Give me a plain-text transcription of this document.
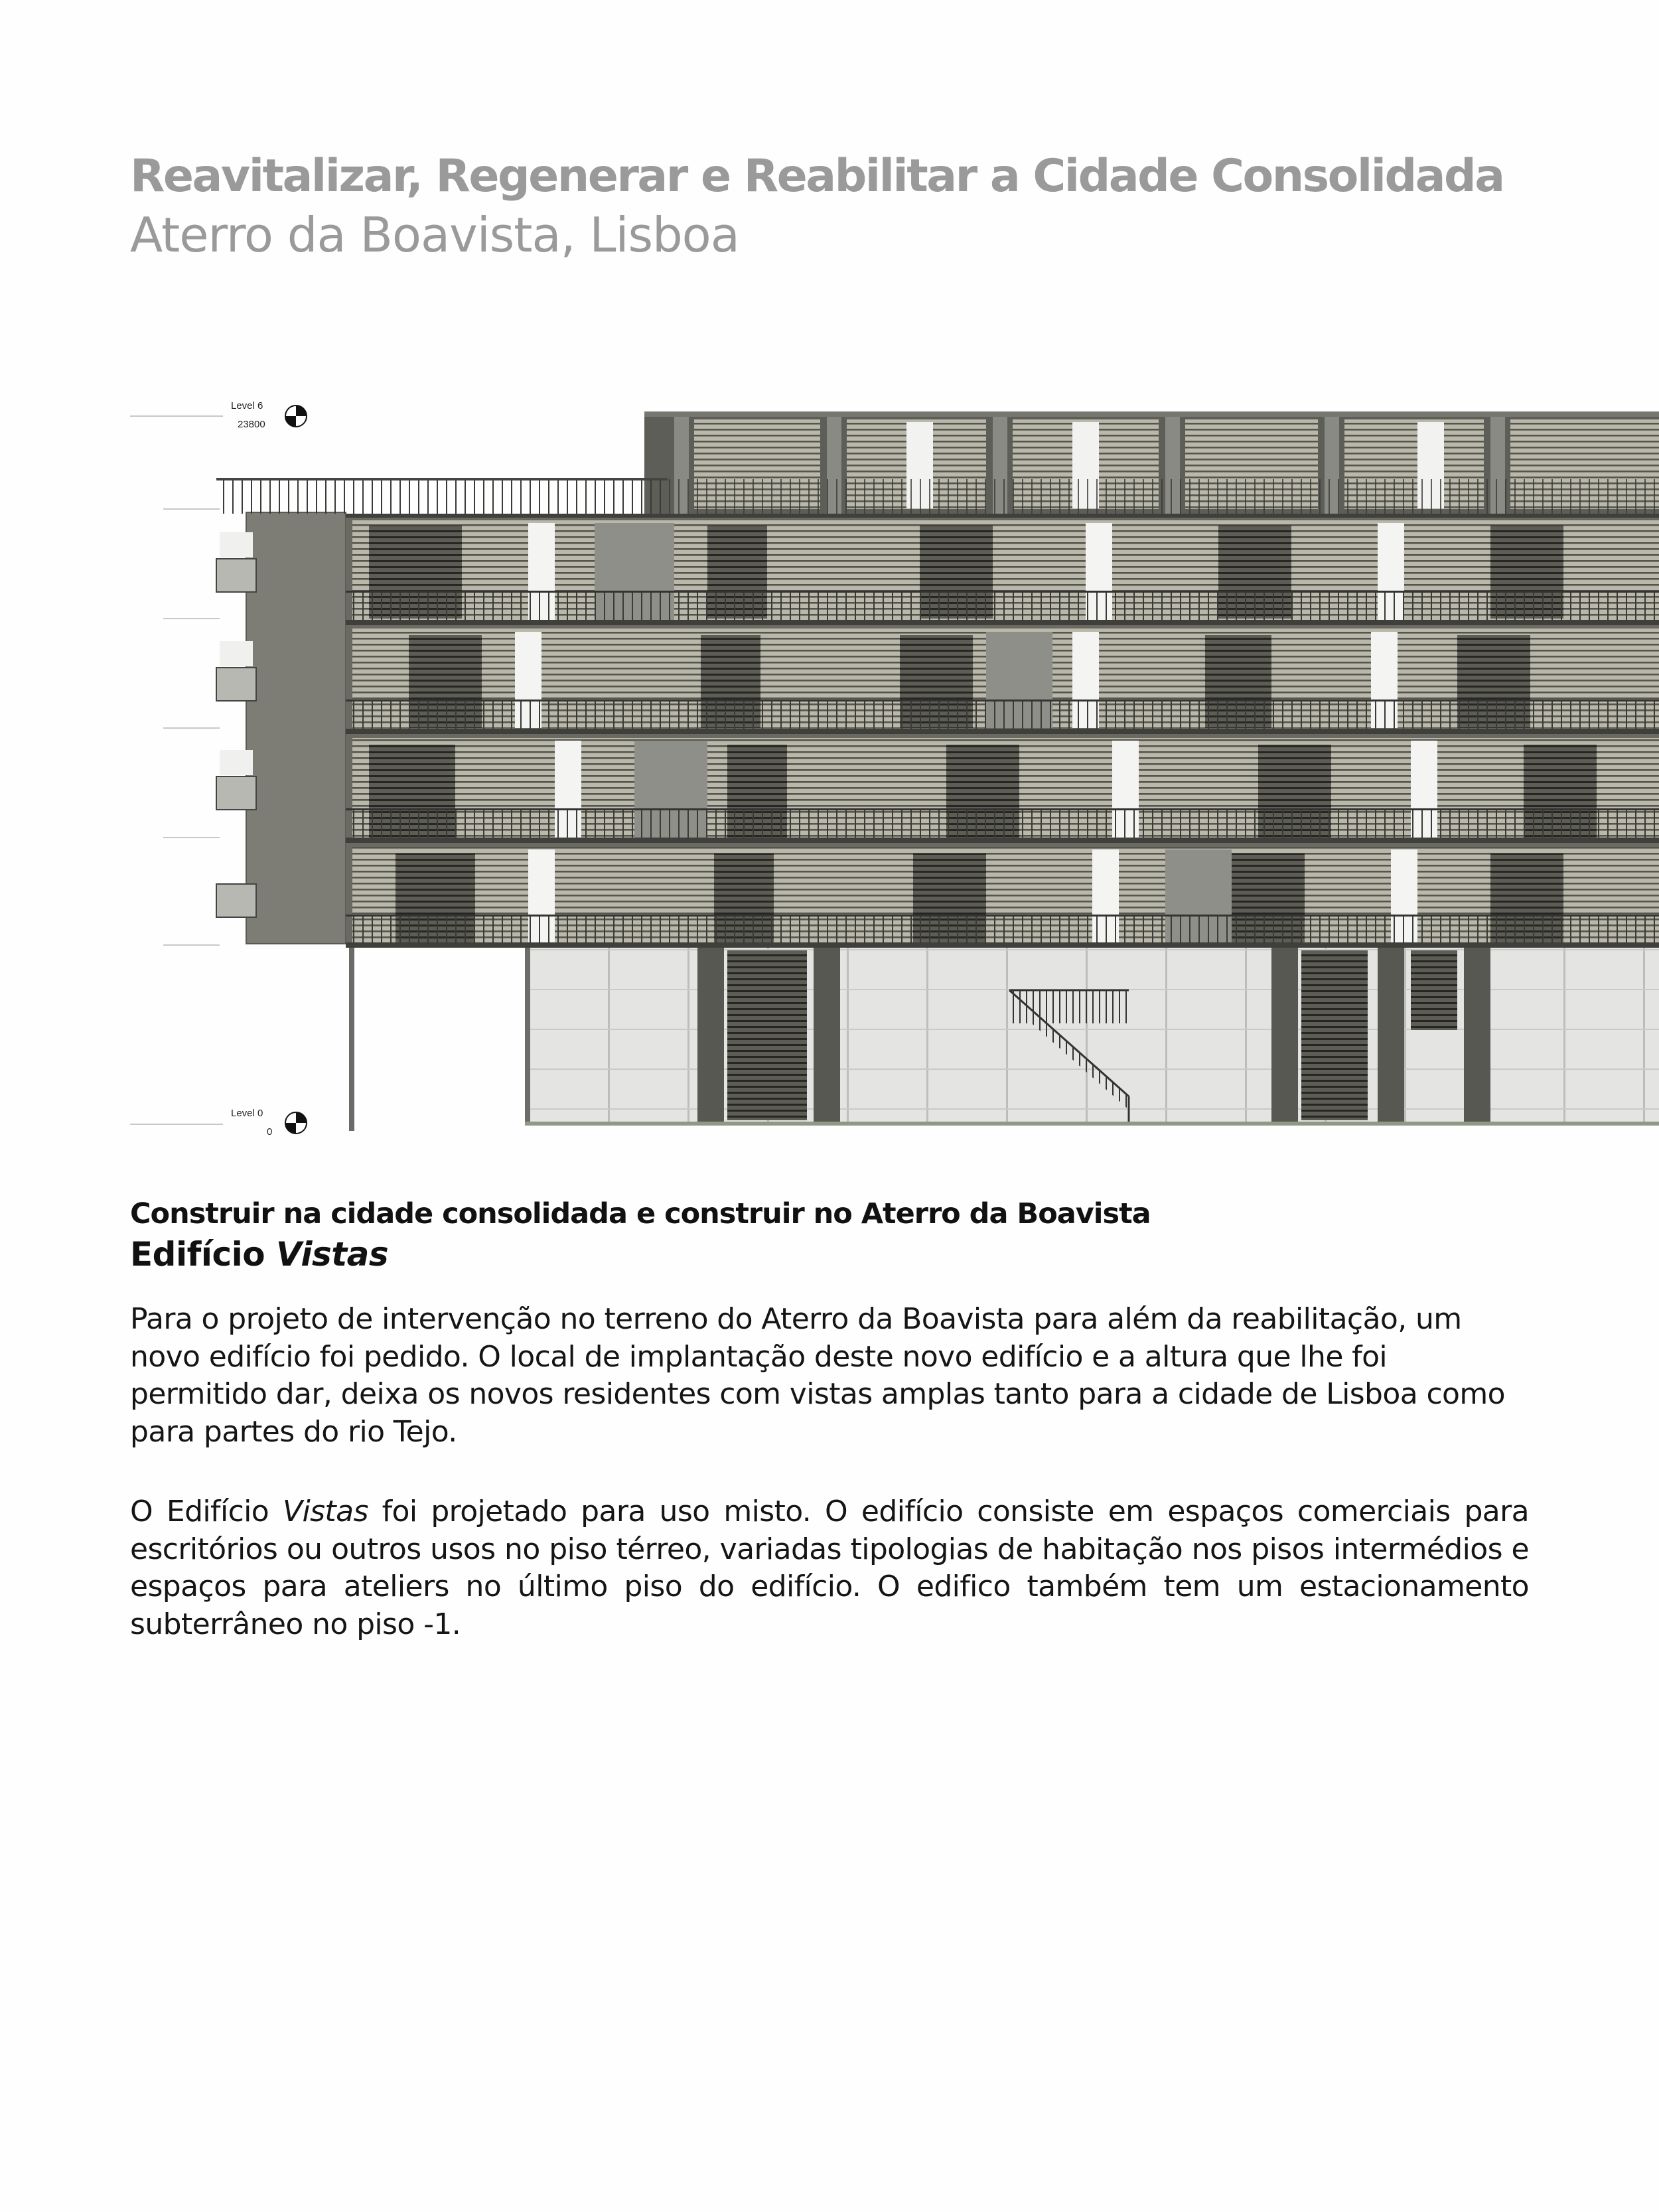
Reavitalizar, Regenerar e Reabilitar a Cidade Consolidada
Aterro da Boavista, Lisboa
Level 6
23800
Level 0
0
Construir na cidade consolidada e construir no Aterro da Boavista
Edifício Vistas

Para o projeto de intervenção no terreno do Aterro da Boavista para além da reabilitação, um novo edifício foi pedido. O local de implantação deste novo edifício e a altura que lhe foi permitido dar, deixa os novos residentes com vistas amplas tanto para a cidade de Lisboa como para partes do rio Tejo.

O Edifício Vistas foi projetado para uso misto. O edifício consiste em espaços comerciais para escritórios ou outros usos no piso térreo, variadas tipologias de habitação nos pisos intermédios e espaços para ateliers no último piso do edifício. O edifico também tem um estacionamento subterrâneo no piso -1.
